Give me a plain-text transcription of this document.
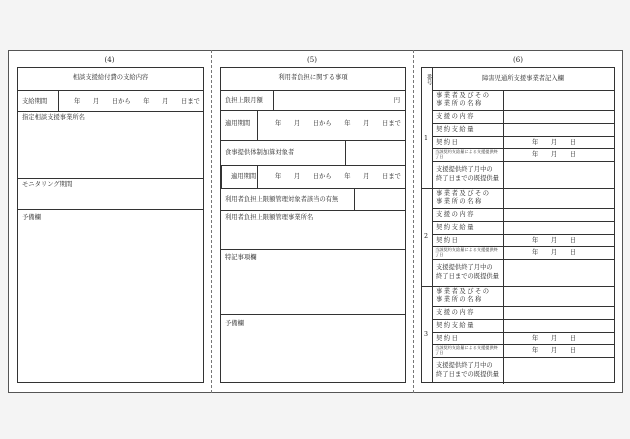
(4)
相談支援給付費の支給内容
支給期間	年　　月　　日から　　年　　月　　日まで
指定相談支援事業所名
モニタリング期間
予備欄
(5)
利用者負担に関する事項
負担上限月額	円
適用期間	年　　月　　日から　　年　　月　　日まで
食事提供体制加算対象者
適用期間	年　　月　　日から　　年　　月　　日まで
利用者負担上限額管理対象者該当の有無
利用者負担上限額管理事業所名
特記事項欄
予備欄
(6)
番号	障害児通所支援事業者記入欄
1
事業者及びその
事業所の名称
支援の内容
契約支給量
契約日	年　　月　　日
当該契約支給量による支援提供終了日	年　　月　　日
支援提供終了月中の
終了日までの既提供量
2
事業者及びその
事業所の名称
支援の内容
契約支給量
契約日	年　　月　　日
当該契約支給量による支援提供終了日	年　　月　　日
支援提供終了月中の
終了日までの既提供量
3
事業者及びその
事業所の名称
支援の内容
契約支給量
契約日	年　　月　　日
当該契約支給量による支援提供終了日	年　　月　　日
支援提供終了月中の
終了日までの既提供量
